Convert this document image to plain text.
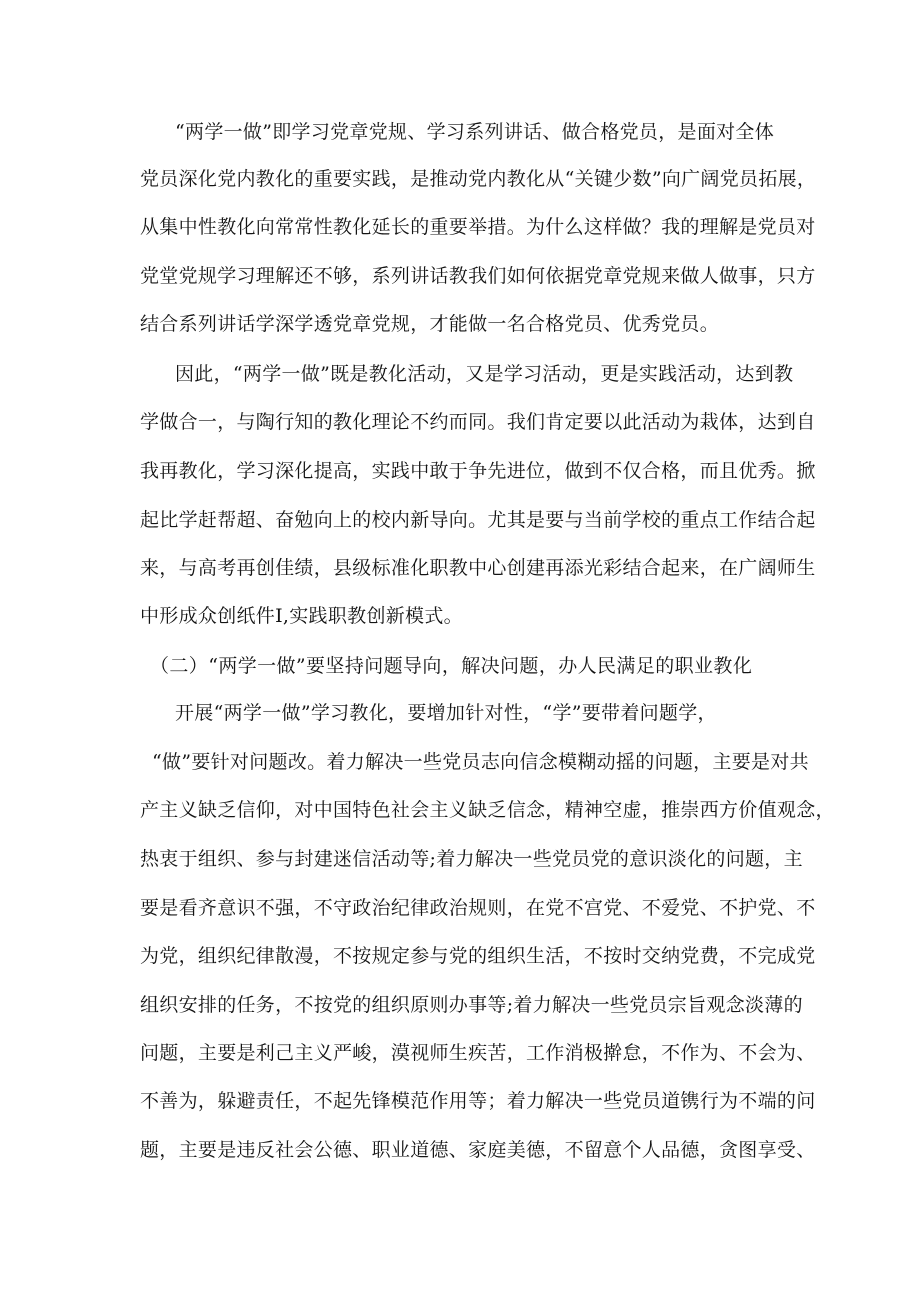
“两学一做”即学习党章党规、学习系列讲话、做合格党员，是面对全体
党员深化党内教化的重要实践，是推动党内教化从“关键少数”向广阔党员拓展，
从集中性教化向常常性教化延长的重要举措。为什么这样做？我的理解是党员对
党堂党规学习理解还不够，系列讲话教我们如何依据党章党规来做人做事，只方
结合系列讲话学深学透党章党规，才能做一名合格党员、优秀党员。
因此，“两学一做”既是教化活动，又是学习活动，更是实践活动，达到教
学做合一，与陶行知的教化理论不约而同。我们肯定要以此活动为栽体，达到自
我再教化，学习深化提高，实践中敢于争先进位，做到不仅合格，而且优秀。掀
起比学赶帮超、奋勉向上的校内新导向。尤其是要与当前学校的重点工作结合起
来，与高考再创佳绩，县级标准化职教中心创建再添光彩结合起来，在广阔师生
中形成众创纸件I,实践职教创新模式。
（二）“两学一做”要坚持问题导向，解决问题，办人民满足的职业教化
开展“两学一做”学习教化，要增加针对性，“学”要带着问题学，
“做”要针对问题改。着力解决一些党员志向信念模糊动摇的问题，主要是对共
产主义缺乏信仰，对中国特色社会主义缺乏信念，精神空虚，推崇西方价值观念，
热衷于组织、参与封建迷信活动等;着力解决一些党员党的意识淡化的问题，主
要是看齐意识不强，不守政治纪律政治规则，在党不宫党、不爱党、不护党、不
为党，组织纪律散漫，不按规定参与党的组织生活，不按时交纳党费，不完成党
组织安排的任务，不按党的组织原则办事等;着力解决一些党员宗旨观念淡薄的
问题，主要是利己主义严峻，漠视师生疾苦，工作消极擀怠，不作为、不会为、
不善为，躲避责任，不起先锋模范作用等；着力解决一些党员道镌行为不端的问
题，主要是违反社会公德、职业道德、家庭美德，不留意个人品德，贪图享受、
